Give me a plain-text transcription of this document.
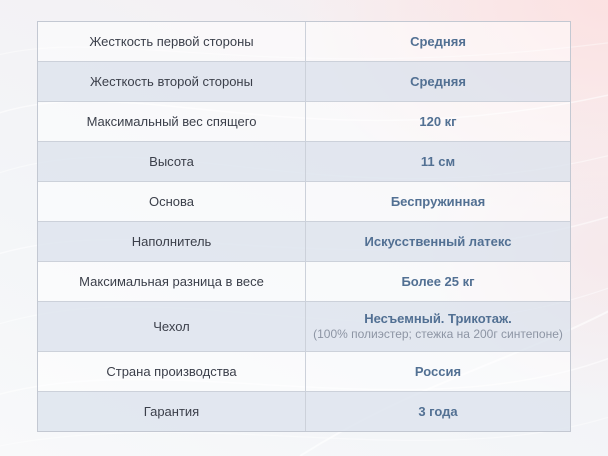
Жесткость первой стороны	Средняя
Жесткость второй стороны	Средняя
Максимальный вес спящего	120 кг
Высота	11 см
Основа	Беспружинная
Наполнитель	Искусственный латекс
Максимальная разница в весе	Более 25 кг
Чехол	Несъемный. Трикотаж.
(100% полиэстер; стежка на 200г синтепоне)
Страна производства	Россия
Гарантия	3 года
